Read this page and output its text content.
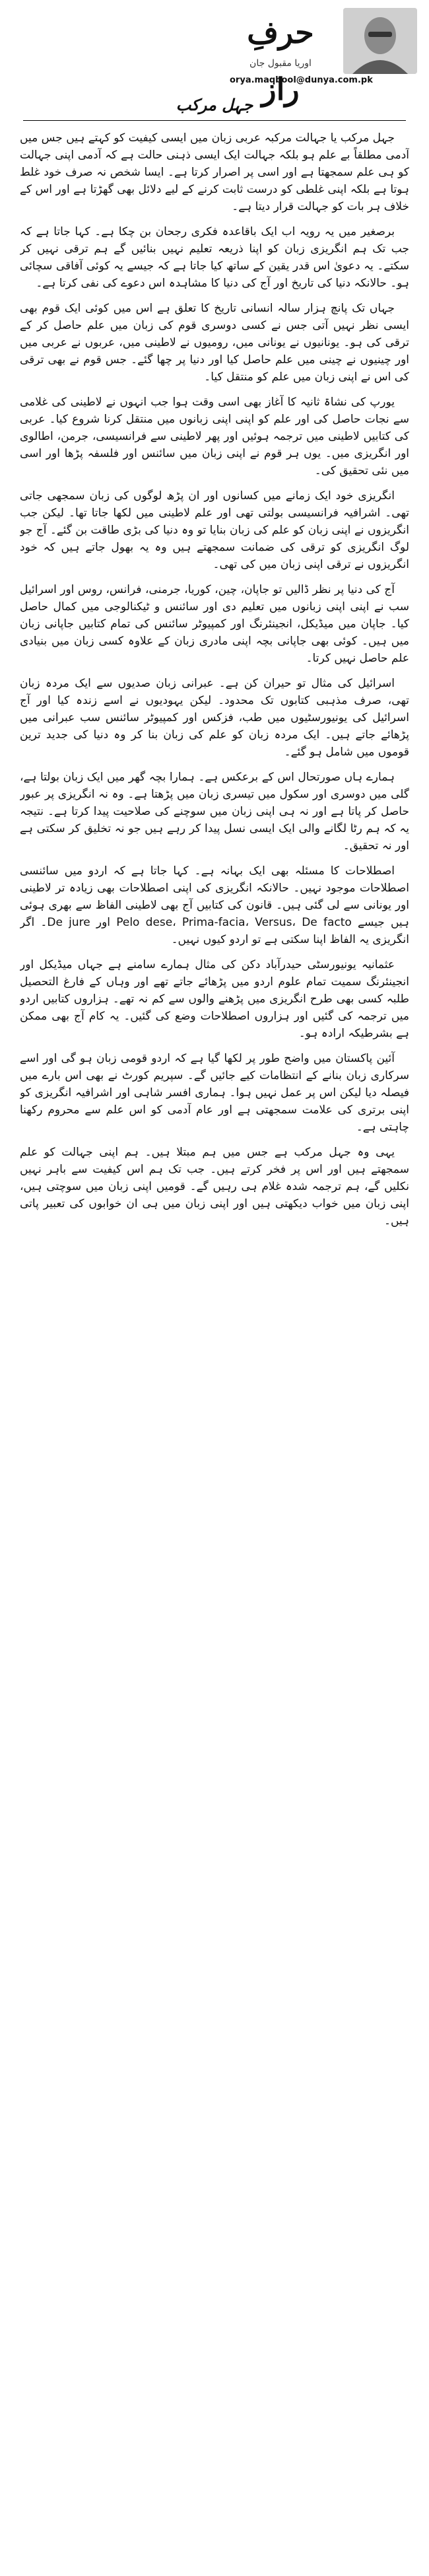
حرفِ راز
اوریا مقبول جان
orya.maqbool@dunya.com.pk
جہل مرکب

جہل مرکب یا جہالت مرکبہ عربی زبان میں ایسی کیفیت کو کہتے ہیں جس میں آدمی مطلقاً بے علم ہو بلکہ جہالت ایک ایسی ذہنی حالت ہے کہ آدمی اپنی جہالت کو ہی علم سمجھتا ہے اور اسی پر اصرار کرتا ہے۔ ایسا شخص نہ صرف خود غلط ہوتا ہے بلکہ اپنی غلطی کو درست ثابت کرنے کے لیے دلائل بھی گھڑتا ہے اور اس کے خلاف ہر بات کو جہالت قرار دیتا ہے۔

برصغیر میں یہ رویہ اب ایک باقاعدہ فکری رجحان بن چکا ہے۔ کہا جاتا ہے کہ جب تک ہم انگریزی زبان کو اپنا ذریعہ تعلیم نہیں بنائیں گے ہم ترقی نہیں کر سکتے۔ یہ دعویٰ اس قدر یقین کے ساتھ کیا جاتا ہے کہ جیسے یہ کوئی آفاقی سچائی ہو۔ حالانکہ دنیا کی تاریخ اور آج کی دنیا کا مشاہدہ اس دعوے کی نفی کرتا ہے۔

جہاں تک پانچ ہزار سالہ انسانی تاریخ کا تعلق ہے اس میں کوئی ایک قوم بھی ایسی نظر نہیں آتی جس نے کسی دوسری قوم کی زبان میں علم حاصل کر کے ترقی کی ہو۔ یونانیوں نے یونانی میں، رومیوں نے لاطینی میں، عربوں نے عربی میں اور چینیوں نے چینی میں علم حاصل کیا اور دنیا پر چھا گئے۔ جس قوم نے بھی ترقی کی اس نے اپنی زبان میں علم کو منتقل کیا۔

یورپ کی نشاۃ ثانیہ کا آغاز بھی اسی وقت ہوا جب انہوں نے لاطینی کی غلامی سے نجات حاصل کی اور علم کو اپنی اپنی زبانوں میں منتقل کرنا شروع کیا۔ عربی کی کتابیں لاطینی میں ترجمہ ہوئیں اور پھر لاطینی سے فرانسیسی، جرمن، اطالوی اور انگریزی میں۔ یوں ہر قوم نے اپنی زبان میں سائنس اور فلسفہ پڑھا اور اسی میں نئی تحقیق کی۔

انگریزی خود ایک زمانے میں کسانوں اور ان پڑھ لوگوں کی زبان سمجھی جاتی تھی۔ اشرافیہ فرانسیسی بولتی تھی اور علم لاطینی میں لکھا جاتا تھا۔ لیکن جب انگریزوں نے اپنی زبان کو علم کی زبان بنایا تو وہ دنیا کی بڑی طاقت بن گئے۔ آج جو لوگ انگریزی کو ترقی کی ضمانت سمجھتے ہیں وہ یہ بھول جاتے ہیں کہ خود انگریزوں نے ترقی اپنی زبان میں کی تھی۔

آج کی دنیا پر نظر ڈالیں تو جاپان، چین، کوریا، جرمنی، فرانس، روس اور اسرائیل سب نے اپنی اپنی زبانوں میں تعلیم دی اور سائنس و ٹیکنالوجی میں کمال حاصل کیا۔ جاپان میں میڈیکل، انجینئرنگ اور کمپیوٹر سائنس کی تمام کتابیں جاپانی زبان میں ہیں۔ کوئی بھی جاپانی بچہ اپنی مادری زبان کے علاوہ کسی زبان میں بنیادی علم حاصل نہیں کرتا۔

اسرائیل کی مثال تو حیران کن ہے۔ عبرانی زبان صدیوں سے ایک مردہ زبان تھی، صرف مذہبی کتابوں تک محدود۔ لیکن یہودیوں نے اسے زندہ کیا اور آج اسرائیل کی یونیورسٹیوں میں طب، فزکس اور کمپیوٹر سائنس سب عبرانی میں پڑھائے جاتے ہیں۔ ایک مردہ زبان کو علم کی زبان بنا کر وہ دنیا کی جدید ترین قوموں میں شامل ہو گئے۔

ہمارے ہاں صورتحال اس کے برعکس ہے۔ ہمارا بچہ گھر میں ایک زبان بولتا ہے، گلی میں دوسری اور سکول میں تیسری زبان میں پڑھتا ہے۔ وہ نہ انگریزی پر عبور حاصل کر پاتا ہے اور نہ ہی اپنی زبان میں سوچنے کی صلاحیت پیدا کرتا ہے۔ نتیجہ یہ کہ ہم رٹا لگانے والی ایک ایسی نسل پیدا کر رہے ہیں جو نہ تخلیق کر سکتی ہے اور نہ تحقیق۔

اصطلاحات کا مسئلہ بھی ایک بہانہ ہے۔ کہا جاتا ہے کہ اردو میں سائنسی اصطلاحات موجود نہیں۔ حالانکہ انگریزی کی اپنی اصطلاحات بھی زیادہ تر لاطینی اور یونانی سے لی گئی ہیں۔ قانون کی کتابیں آج بھی لاطینی الفاظ سے بھری ہوئی ہیں جیسے Pelo dese، Prima-facia، Versus، De facto اور De jure۔ اگر انگریزی یہ الفاظ اپنا سکتی ہے تو اردو کیوں نہیں۔

عثمانیہ یونیورسٹی حیدرآباد دکن کی مثال ہمارے سامنے ہے جہاں میڈیکل اور انجینئرنگ سمیت تمام علوم اردو میں پڑھائے جاتے تھے اور وہاں کے فارغ التحصیل طلبہ کسی بھی طرح انگریزی میں پڑھنے والوں سے کم نہ تھے۔ ہزاروں کتابیں اردو میں ترجمہ کی گئیں اور ہزاروں اصطلاحات وضع کی گئیں۔ یہ کام آج بھی ممکن ہے بشرطیکہ ارادہ ہو۔

آئین پاکستان میں واضح طور پر لکھا گیا ہے کہ اردو قومی زبان ہو گی اور اسے سرکاری زبان بنانے کے انتظامات کیے جائیں گے۔ سپریم کورٹ نے بھی اس بارے میں فیصلہ دیا لیکن اس پر عمل نہیں ہوا۔ ہماری افسر شاہی اور اشرافیہ انگریزی کو اپنی برتری کی علامت سمجھتی ہے اور عام آدمی کو اس علم سے محروم رکھنا چاہتی ہے۔

یہی وہ جہل مرکب ہے جس میں ہم مبتلا ہیں۔ ہم اپنی جہالت کو علم سمجھتے ہیں اور اس پر فخر کرتے ہیں۔ جب تک ہم اس کیفیت سے باہر نہیں نکلیں گے، ہم ترجمہ شدہ غلام ہی رہیں گے۔ قومیں اپنی زبان میں سوچتی ہیں، اپنی زبان میں خواب دیکھتی ہیں اور اپنی زبان میں ہی ان خوابوں کی تعبیر پاتی ہیں۔
